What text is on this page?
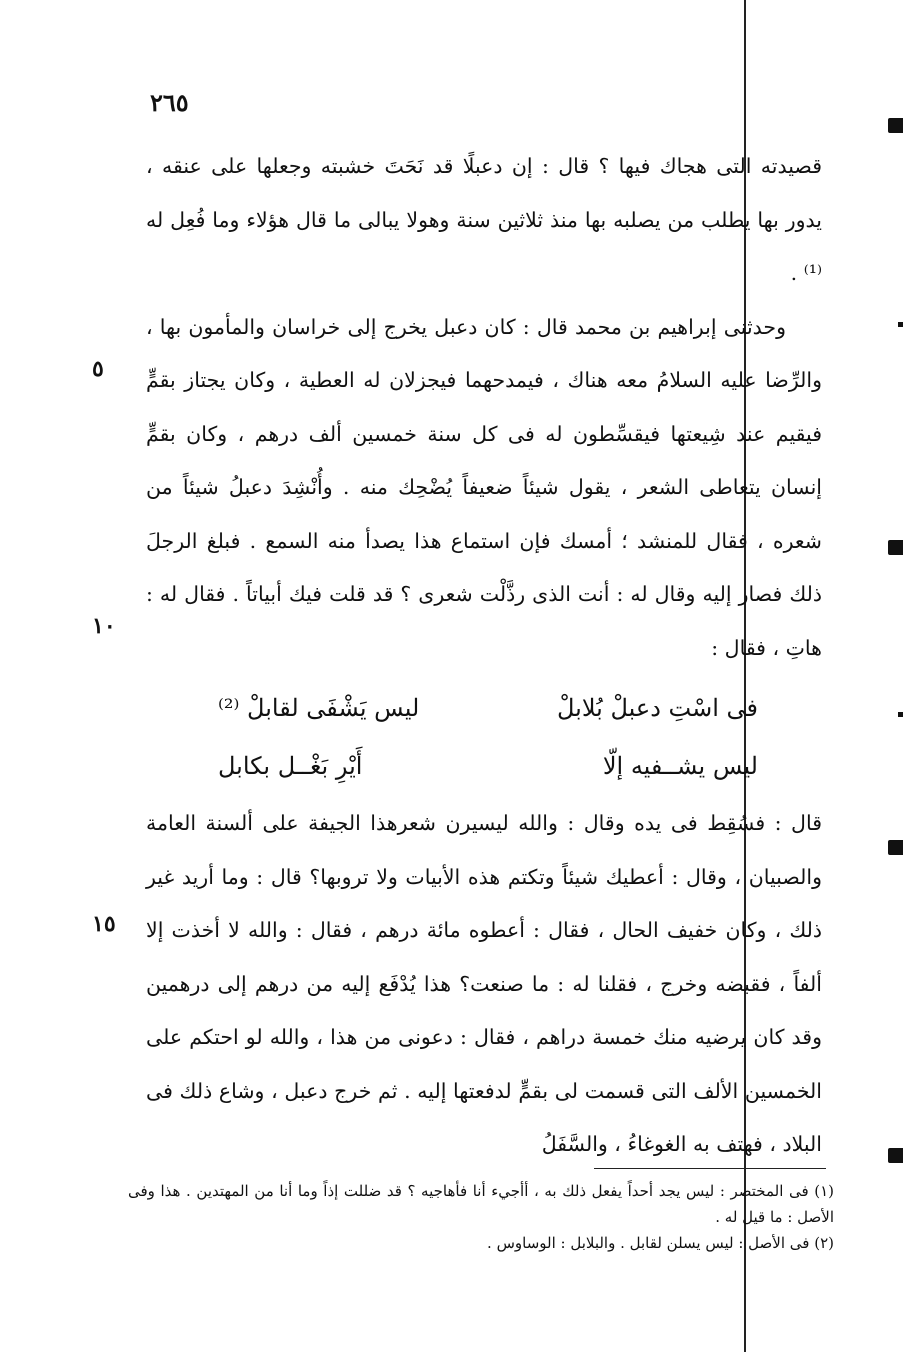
٢٦٥

قصيدته التى هجاك فيها ؟ قال : إن دعبلًا قد نَحَتَ خشبته وجعلها على عنقه ، يدور بها يطلب من يصلبه بها منذ ثلاثين سنة وهولا يبالى ما قال هؤلاء وما فُعِل له ⁽¹⁾ .

وحدثنى إبراهيم بن محمد قال : كان دعبل يخرج إلى خراسان والمأمون بها ، والرِّضا عليه السلامُ معه هناك ، فيمدحهما فيجزلان له العطية ، وكان يجتاز بقمٍّ فيقيم عند شِيعتها فيقسِّطون له فى كل سنة خمسين ألف درهم ، وكان بقمٍّ إنسان يتعاطى الشعر ، يقول شيئاً ضعيفاً يُضْحِك منه . وأُنْشِدَ دعبلُ شيئاً من شعره ، فقال للمنشد ؛ أمسك فإن استماع هذا يصدأ منه السمع . فبلغ الرجلَ ذلك فصار إليه وقال له : أنت الذى رذَّلْت شعرى ؟ قد قلت فيك أبياتاً . فقال له : هاتِ ، فقال :

فى اسْتِ دعبلْ بُلابلْ
ليس يَشْفَى لقابلْ ⁽²⁾
ليس يشــفيه إلّا
أَيْرِ بَغْــل بكابل

قال : فسُقِط فى يده وقال : والله ليسيرن شعرهذا الجيفة على ألسنة العامة والصبيان ، وقال : أعطيك شيئاً وتكتم هذه الأبيات ولا تروبها؟ قال : وما أريد غير ذلك ، وكان خفيف الحال ، فقال : أعطوه مائة درهم ، فقال : والله لا أخذت إلا ألفاً ، فقبضه وخرج ، فقلنا له : ما صنعت؟ هذا يُدْفَع إليه من درهم إلى درهمين وقد كان يرضيه منك خمسة دراهم ، فقال : دعونى من هذا ، والله لو احتكم على الخمسين الألف التى قسمت لى بقمٍّ لدفعتها إليه . ثم خرج دعبل ، وشاع ذلك فى البلاد ، فهتف به الغوغاءُ ، والسَّفَلُ

٥
١٠
١٥

(١) فى المختصر : ليس يجد أحداً يفعل ذلك به ، أأجيء أنا فأهاجيه ؟ قد ضللت إذاً وما أنا من المهتدين . هذا وفى الأصل : ما قيل له .

(٢) فى الأصل : ليس يسلن لقابل . والبلابل : الوساوس .
